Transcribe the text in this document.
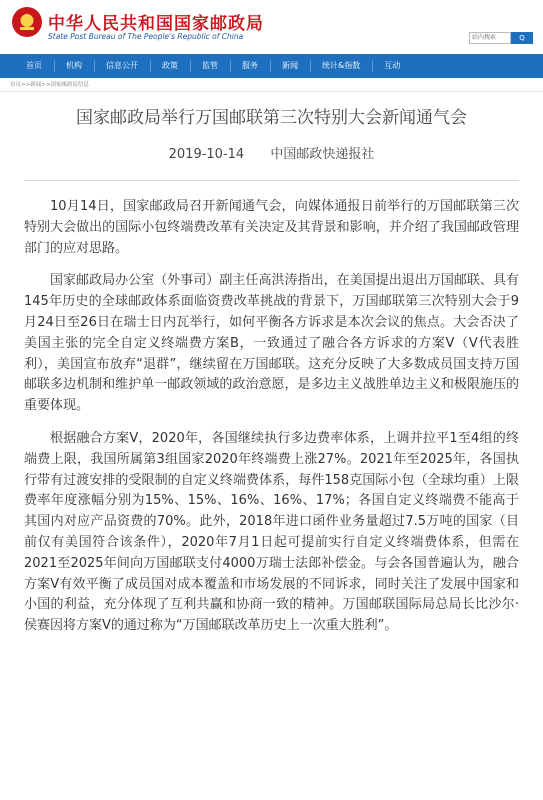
中华人民共和国国家邮政局
State Post Bureau of The People's Republic of China	站内搜索	Q
首页	机构	信息公开	政策	监管	服务	新闻	统计&指数	互动
首页>>新闻>>国家邮政局信息
国家邮政局举行万国邮联第三次特别大会新闻通气会
2019-10-14 中国邮政快递报社

10月14日，国家邮政局召开新闻通气会，向媒体通报日前举行的万国邮联第三次特别大会做出的国际小包终端费改革有关决定及其背景和影响，并介绍了我国邮政管理部门的应对思路。

国家邮政局办公室（外事司）副主任高洪涛指出，在美国提出退出万国邮联、具有145年历史的全球邮政体系面临资费改革挑战的背景下，万国邮联第三次特别大会于9月24日至26日在瑞士日内瓦举行，如何平衡各方诉求是本次会议的焦点。大会否决了美国主张的完全自定义终端费方案B，一致通过了融合各方诉求的方案V（V代表胜利），美国宣布放弃“退群”，继续留在万国邮联。这充分反映了大多数成员国支持万国邮联多边机制和维护单一邮政领域的政治意愿，是多边主义战胜单边主义和极限施压的重要体现。

根据融合方案V，2020年，各国继续执行多边费率体系，上调并拉平1至4组的终端费上限，我国所属第3组国家2020年终端费上涨27%。2021年至2025年，各国执行带有过渡安排的受限制的自定义终端费体系，每件158克国际小包（全球均重）上限费率年度涨幅分别为15%、15%、16%、16%、17%；各国自定义终端费不能高于其国内对应产品资费的70%。此外，2018年进口函件业务量超过7.5万吨的国家（目前仅有美国符合该条件），2020年7月1日起可提前实行自定义终端费体系，但需在2021至2025年间向万国邮联支付4000万瑞士法郎补偿金。与会各国普遍认为，融合方案V有效平衡了成员国对成本覆盖和市场发展的不同诉求，同时关注了发展中国家和小国的利益，充分体现了互利共赢和协商一致的精神。万国邮联国际局总局长比沙尔·侯赛因将方案V的通过称为“万国邮联改革历史上一次重大胜利”。
